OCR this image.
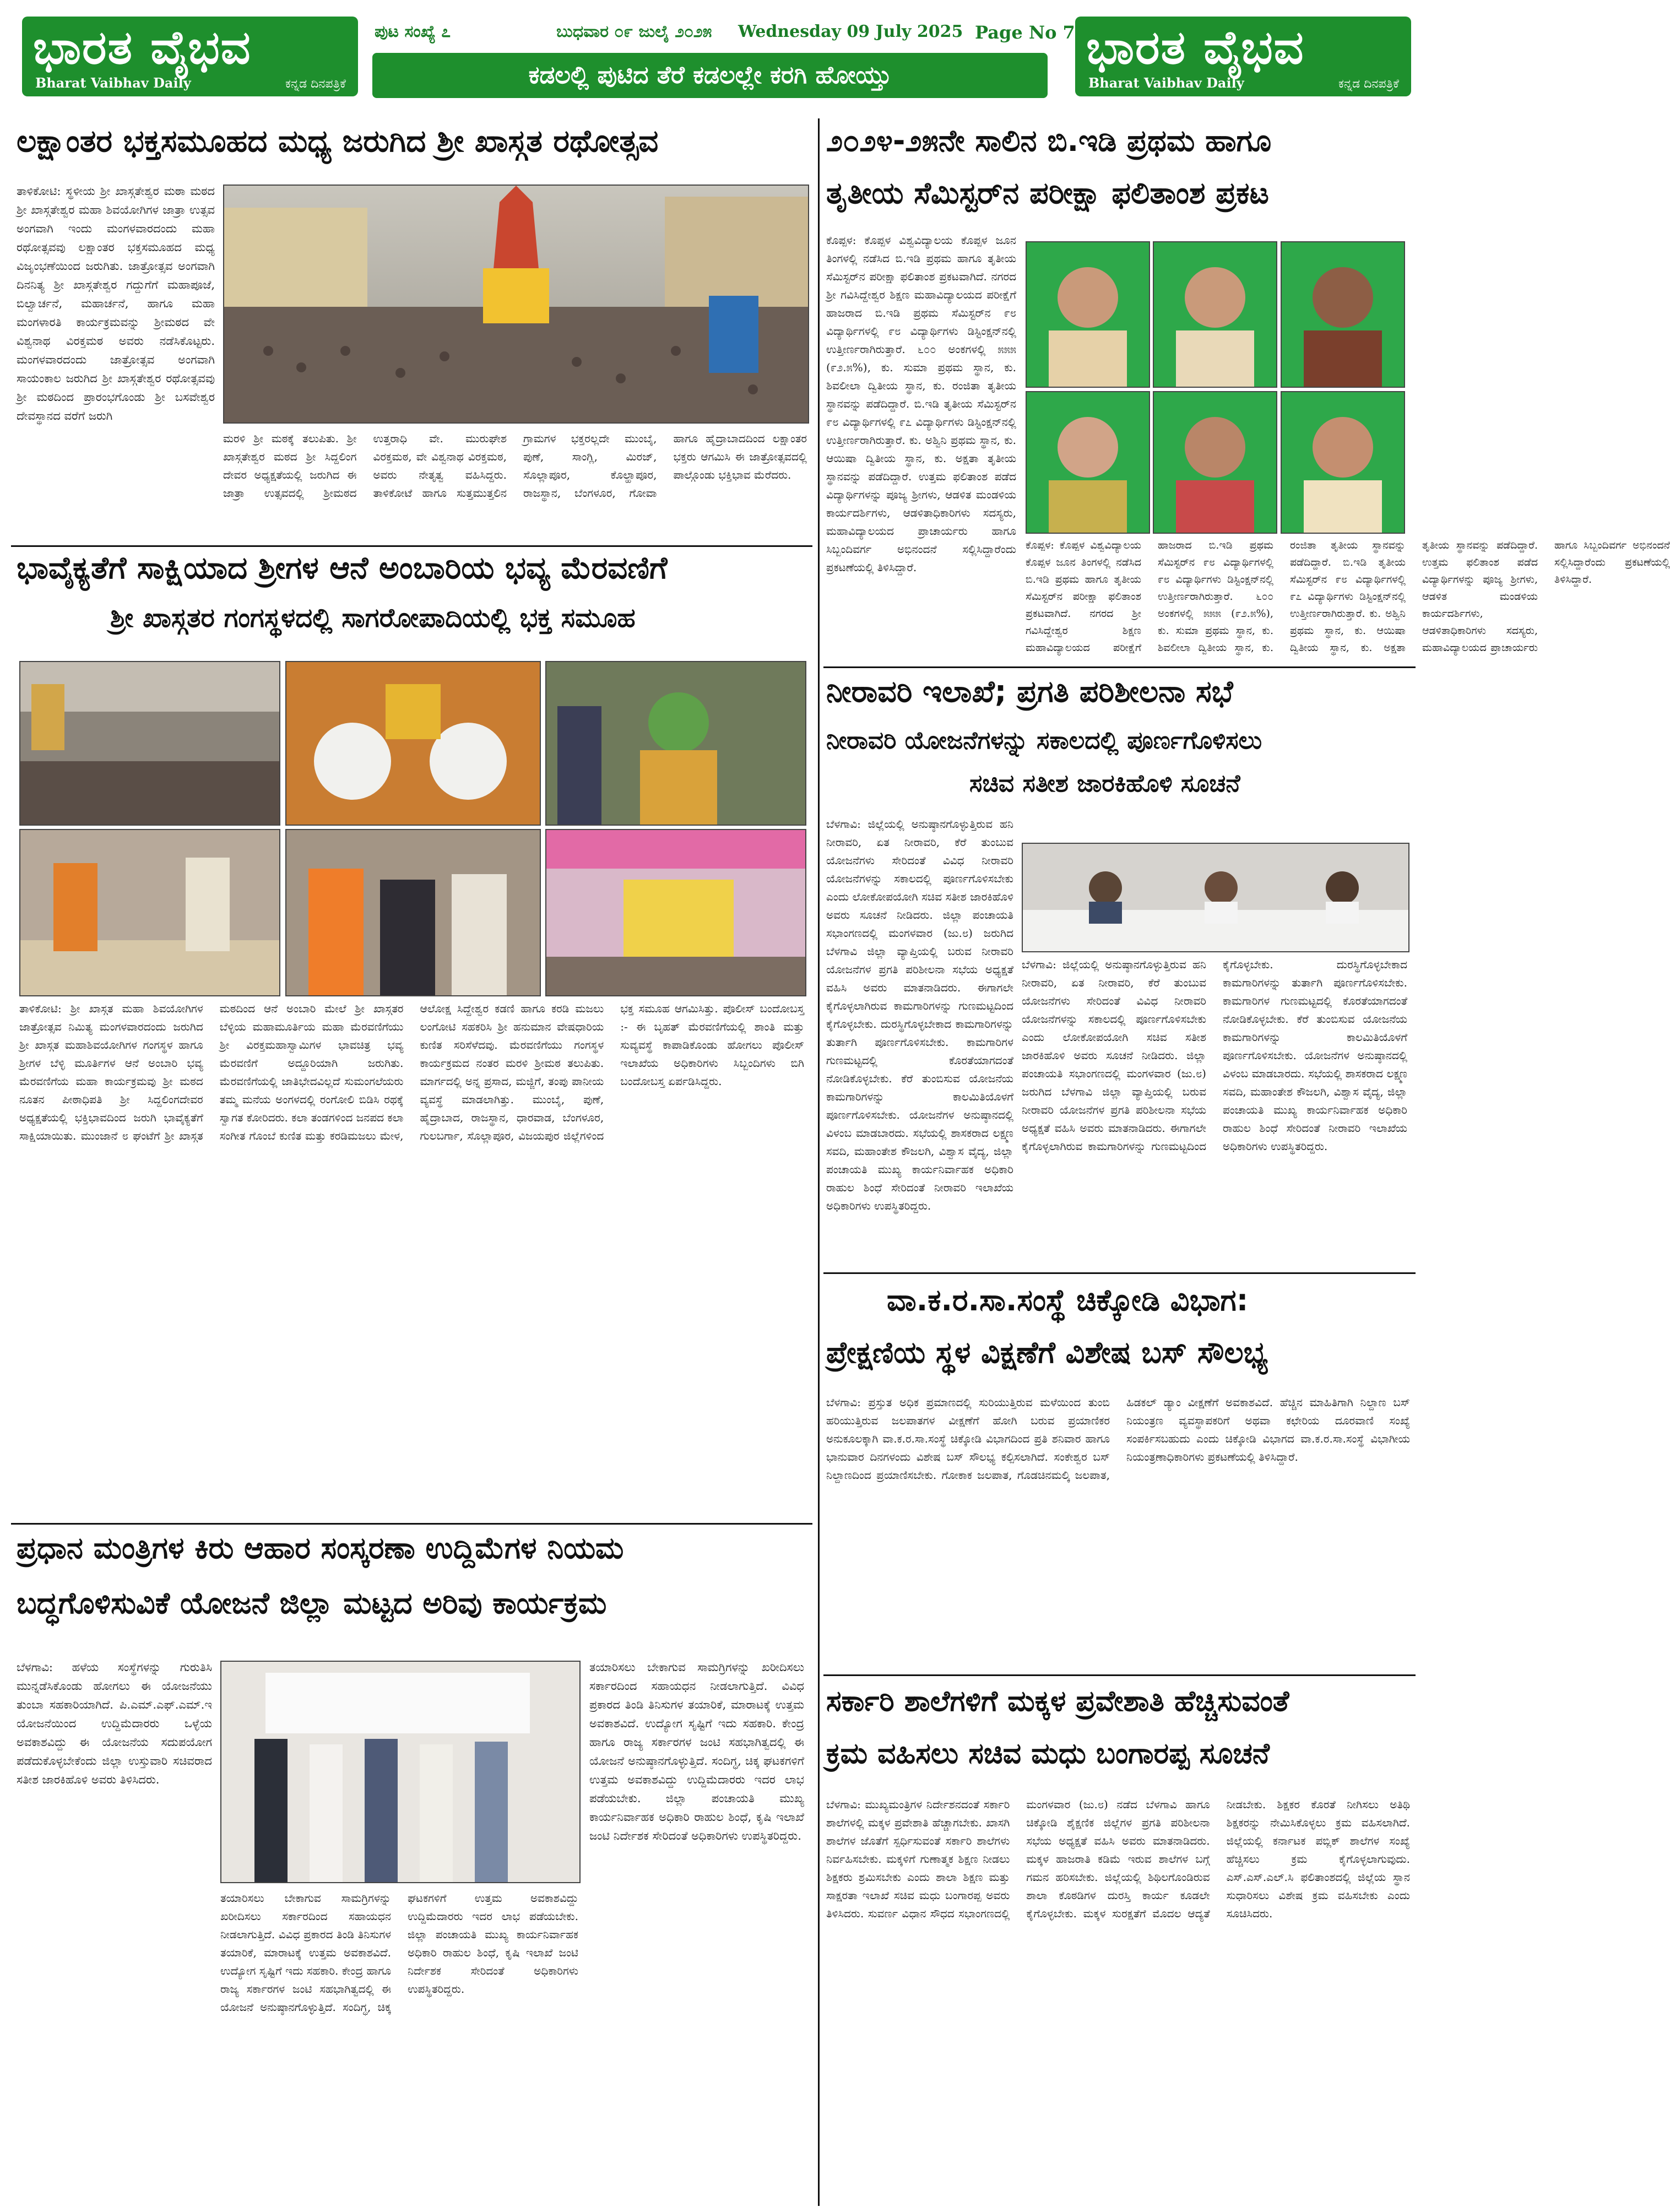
ಭಾರತ ವೈಭವ
Bharat Vaibhav Daily	ಕನ್ನಡ ದಿನಪತ್ರಿಕೆ
ಭಾರತ ವೈಭವ
Bharat Vaibhav Daily	ಕನ್ನಡ ದಿನಪತ್ರಿಕೆ
ಪುಟ ಸಂಖ್ಯೆ ೭	ಬುಧವಾರ ೦೯ ಜುಲೈ ೨೦೨೫ Wednesday 09 July 2025 Page No 7
ಕಡಲಲ್ಲಿ ಪುಟಿದ ತೆರೆ ಕಡಲಲ್ಲೇ ಕರಗಿ ಹೋಯ್ತು
ಲಕ್ಷಾಂತರ ಭಕ್ತಸಮೂಹದ ಮಧ್ಯ ಜರುಗಿದ ಶ್ರೀ ಖಾಸ್ಗತ ರಥೋತ್ಸವ
ತಾಳಿಕೋಟಿ: ಸ್ಥಳೀಯ ಶ್ರೀ ಖಾಸ್ಗತೇಶ್ವರ ಮಠಾ ಮಠದ ಶ್ರೀ ಖಾಸ್ಗತೇಶ್ವರ ಮಹಾ ಶಿವಯೋಗಿಗಳ ಜಾತ್ರಾ ಉತ್ಸವ ಅಂಗವಾಗಿ ಇಂದು ಮಂಗಳವಾರದಂದು ಮಹಾ ರಥೋತ್ಸವವು ಲಕ್ಷಾಂತರ ಭಕ್ತಸಮೂಹದ ಮಧ್ಯ ವಿಜೃಂಭಣೆಯಿಂದ ಜರುಗಿತು. ಜಾತ್ರೋತ್ಸವ ಅಂಗವಾಗಿ ದಿನನಿತ್ಯ ಶ್ರೀ ಖಾಸ್ಗತೇಶ್ವರ ಗದ್ದುಗೆಗೆ ಮಹಾಪೂಜೆ, ಬಿಲ್ವಾರ್ಚನೆ, ಮಹಾರ್ಚನೆ, ಹಾಗೂ ಮಹಾ ಮಂಗಳಾರತಿ ಕಾರ್ಯಕ್ರಮವನ್ನು ಶ್ರೀಮಠದ ವೇ ವಿಶ್ವನಾಥ ವಿರಕ್ತಮಠ ಅವರು ನಡೆಸಿಕೊಟ್ಟರು. ಮಂಗಳವಾರದಂದು ಜಾತ್ರೋತ್ಸವ ಅಂಗವಾಗಿ ಸಾಯಂಕಾಲ ಜರುಗಿದ ಶ್ರೀ ಖಾಸ್ಗತೇಶ್ವರ ರಥೋತ್ಸವವು ಶ್ರೀ ಮಠದಿಂದ ಪ್ರಾರಂಭಗೊಂಡು ಶ್ರೀ ಬಸವೇಶ್ವರ ದೇವಸ್ಥಾನದ ವರೆಗೆ ಜರುಗಿ
ಮರಳಿ ಶ್ರೀ ಮಠಕ್ಕೆ ತಲುಪಿತು. ಶ್ರೀ ಖಾಸ್ಗತೇಶ್ವರ ಮಠದ ಶ್ರೀ ಸಿದ್ದಲಿಂಗ ದೇವರ ಅಧ್ಯಕ್ಷತೆಯಲ್ಲಿ ಜರುಗಿದ ಈ ಜಾತ್ರಾ ಉತ್ಸವದಲ್ಲಿ ಶ್ರೀಮಠದ ಉತ್ತರಾಧಿ ವೇ. ಮುರುಘೇಶ ವಿರಕ್ತಮಠ, ವೇ ವಿಶ್ವನಾಥ ವಿರಕ್ತಮಠ, ಅವರು ನೇತೃತ್ವ ವಹಿಸಿದ್ದರು. ತಾಳಿಕೋಟೆ ಹಾಗೂ ಸುತ್ತಮುತ್ತಲಿನ ಗ್ರಾಮಗಳ ಭಕ್ತರಲ್ಲದೇ ಮುಂಬೈ, ಪುಣೆ, ಸಾಂಗ್ಲಿ, ಮಿರಜ್, ಸೊಲ್ಲಾಪೂರ, ಕೊಲ್ಹಾಪೂರ, ರಾಜಸ್ಥಾನ, ಬೆಂಗಳೂರ, ಗೋವಾ ಹಾಗೂ ಹೈದ್ರಾಬಾದದಿಂದ ಲಕ್ಷಾಂತರ ಭಕ್ತರು ಆಗಮಿಸಿ ಈ ಜಾತ್ರೋತ್ಸವದಲ್ಲಿ ಪಾಲ್ಗೊಂಡು ಭಕ್ತಿಭಾವ ಮೆರೆದರು.
ಭಾವೈಕ್ಯತೆಗೆ ಸಾಕ್ಷಿಯಾದ ಶ್ರೀಗಳ ಆನೆ ಅಂಬಾರಿಯ ಭವ್ಯ ಮೆರವಣಿಗೆ
ಶ್ರೀ ಖಾಸ್ಗತರ ಗಂಗಸ್ಥಳದಲ್ಲಿ ಸಾಗರೋಪಾದಿಯಲ್ಲಿ ಭಕ್ತ ಸಮೂಹ
ತಾಳಿಕೋಟಿ: ಶ್ರೀ ಖಾಸ್ಗತ ಮಹಾ ಶಿವಯೋಗಿಗಳ ಜಾತ್ರೋತ್ಸವ ನಿಮಿತ್ಯ ಮಂಗಳವಾರದಂದು ಜರುಗಿದ ಶ್ರೀ ಖಾಸ್ಗತ ಮಹಾಶಿವಯೋಗಿಗಳ ಗಂಗಸ್ಥಳ ಹಾಗೂ ಶ್ರೀಗಳ ಬೆಳ್ಳಿ ಮೂರ್ತಿಗಳ ಆನೆ ಅಂಬಾರಿ ಭವ್ಯ ಮೆರವಣಿಗೆಯ ಮಹಾ ಕಾರ್ಯಕ್ರಮವು ಶ್ರೀ ಮಠದ ನೂತನ ಪೀಠಾಧಿಪತಿ ಶ್ರೀ ಸಿದ್ದಲಿಂಗದೇವರ ಅಧ್ಯಕ್ಷತೆಯಲ್ಲಿ ಭಕ್ತಿಭಾವದಿಂದ ಜರುಗಿ ಭಾವೈಕ್ಯತೆಗೆ ಸಾಕ್ಷಿಯಾಯಿತು. ಮುಂಜಾನೆ ೮ ಘಂಟೆಗೆ ಶ್ರೀ ಖಾಸ್ಗತ ಮಠದಿಂದ ಆನೆ ಅಂಬಾರಿ ಮೇಲೆ ಶ್ರೀ ಖಾಸ್ಗತರ ಬೆಳ್ಳಿಯ ಮಹಾಮೂರ್ತಿಯ ಮಹಾ ಮೆರವಣಿಗೆಯು ಶ್ರೀ ವಿರಕ್ತಮಹಾಸ್ವಾಮಿಗಳ ಭಾವಚಿತ್ರ ಭವ್ಯ ಮೆರವಣಿಗೆ ಅದ್ದೂರಿಯಾಗಿ ಜರುಗಿತು. ಮೆರವಣಿಗೆಯಲ್ಲಿ ಜಾತಿಭೇದವಿಲ್ಲದೆ ಸುಮಂಗಲೆಯರು ತಮ್ಮ ಮನೆಯ ಅಂಗಳದಲ್ಲಿ ರಂಗೋಲಿ ಬಿಡಿಸಿ ರಥಕ್ಕೆ ಸ್ವಾಗತ ಕೋರಿದರು. ಕಲಾ ತಂಡಗಳಿಂದ ಜನಪದ ಕಲಾ ಸಂಗೀತ ಗೊಂಬೆ ಕುಣಿತ ಮತ್ತು ಕರಡಿಮಜಲು ಮೇಳ, ಆಲೋಕ್ಷ ಸಿದ್ದೇಶ್ವರ ಕಡಣಿ ಹಾಗೂ ಕರಡಿ ಮಜಲು ಲಂಗೋಟಿ ಸಹಕರಿಸಿ ಶ್ರೀ ಹನುಮಾನ ವೇಷಧಾರಿಯ ಕುಣಿತ ಸರಿಸೆಳೆದವು. ಮೆರವಣಿಗೆಯು ಗಂಗಸ್ಥಳ ಕಾರ್ಯಕ್ರಮದ ನಂತರ ಮರಳಿ ಶ್ರೀಮಠ ತಲುಪಿತು. ಮಾರ್ಗದಲ್ಲಿ ಅನ್ನ ಪ್ರಸಾದ, ಮಜ್ಜಿಗೆ, ತಂಪು ಪಾನೀಯ ವ್ಯವಸ್ಥೆ ಮಾಡಲಾಗಿತ್ತು. ಮುಂಬೈ, ಪುಣೆ, ಹೈದ್ರಾಬಾದ, ರಾಜಸ್ಥಾನ, ಧಾರವಾಡ, ಬೆಂಗಳೂರ, ಗುಲಬರ್ಗಾ, ಸೊಲ್ಲಾಪೂರ, ವಿಜಯಪುರ ಜಿಲ್ಲೆಗಳಿಂದ ಭಕ್ತ ಸಮೂಹ ಆಗಮಿಸಿತ್ತು. ಪೊಲೀಸ್ ಬಂದೋಬಸ್ತ :- ಈ ಬೃಹತ್ ಮೆರವಣಿಗೆಯಲ್ಲಿ ಶಾಂತಿ ಮತ್ತು ಸುವ್ಯವಸ್ಥೆ ಕಾಪಾಡಿಕೊಂಡು ಹೋಗಲು ಪೊಲೀಸ್ ಇಲಾಖೆಯ ಅಧಿಕಾರಿಗಳು ಸಿಬ್ಬಂದಿಗಳು ಬಿಗಿ ಬಂದೋಬಸ್ತ ಏರ್ಪಡಿಸಿದ್ದರು.
ಪ್ರಧಾನ ಮಂತ್ರಿಗಳ ಕಿರು ಆಹಾರ ಸಂಸ್ಕರಣಾ ಉದ್ದಿಮೆಗಳ ನಿಯಮ
ಬದ್ಧಗೊಳಿಸುವಿಕೆ ಯೋಜನೆ ಜಿಲ್ಲಾ ಮಟ್ಟದ ಅರಿವು ಕಾರ್ಯಕ್ರಮ
ಬೆಳಗಾವಿ: ಹಳೆಯ ಸಂಸ್ಥೆಗಳನ್ನು ಗುರುತಿಸಿ ಮುನ್ನಡೆಸಿಕೊಂಡು ಹೋಗಲು ಈ ಯೋಜನೆಯು ತುಂಬಾ ಸಹಕಾರಿಯಾಗಿದೆ. ಪಿ.ಎಮ್.ಎಫ್.ಎಮ್.ಇ ಯೋಜನೆಯಿಂದ ಉದ್ದಿಮೆದಾರರು ಒಳ್ಳೆಯ ಅವಕಾಶವಿದ್ದು ಈ ಯೋಜನೆಯ ಸದುಪಯೋಗ ಪಡೆದುಕೊಳ್ಳಬೇಕೆಂದು ಜಿಲ್ಲಾ ಉಸ್ತುವಾರಿ ಸಚಿವರಾದ ಸತೀಶ ಜಾರಕಿಹೊಳಿ ಅವರು ತಿಳಿಸಿದರು.
ತಯಾರಿಸಲು ಬೇಕಾಗುವ ಸಾಮಗ್ರಿಗಳನ್ನು ಖರೀದಿಸಲು ಸರ್ಕಾರದಿಂದ ಸಹಾಯಧನ ನೀಡಲಾಗುತ್ತಿದೆ. ವಿವಿಧ ಪ್ರಕಾರದ ತಿಂಡಿ ತಿನಿಸುಗಳ ತಯಾರಿಕೆ, ಮಾರಾಟಕ್ಕೆ ಉತ್ತಮ ಅವಕಾಶವಿದೆ. ಉದ್ಯೋಗ ಸೃಷ್ಟಿಗೆ ಇದು ಸಹಕಾರಿ. ಕೇಂದ್ರ ಹಾಗೂ ರಾಜ್ಯ ಸರ್ಕಾರಗಳ ಜಂಟಿ ಸಹಭಾಗಿತ್ವದಲ್ಲಿ ಈ ಯೋಜನೆ ಅನುಷ್ಠಾನಗೊಳ್ಳುತ್ತಿದೆ. ಸಂದಿಗ್ಧ, ಚಿಕ್ಕ ಘಟಕಗಳಿಗೆ ಉತ್ತಮ ಅವಕಾಶವಿದ್ದು ಉದ್ದಿಮೆದಾರರು ಇದರ ಲಾಭ ಪಡೆಯಬೇಕು. ಜಿಲ್ಲಾ ಪಂಚಾಯತಿ ಮುಖ್ಯ ಕಾರ್ಯನಿರ್ವಾಹಕ ಅಧಿಕಾರಿ ರಾಹುಲ ಶಿಂಧೆ, ಕೃಷಿ ಇಲಾಖೆ ಜಂಟಿ ನಿರ್ದೇಶಕ ಸೇರಿದಂತೆ ಅಧಿಕಾರಿಗಳು ಉಪಸ್ಥಿತರಿದ್ದರು.
ತಯಾರಿಸಲು ಬೇಕಾಗುವ ಸಾಮಗ್ರಿಗಳನ್ನು ಖರೀದಿಸಲು ಸರ್ಕಾರದಿಂದ ಸಹಾಯಧನ ನೀಡಲಾಗುತ್ತಿದೆ. ವಿವಿಧ ಪ್ರಕಾರದ ತಿಂಡಿ ತಿನಿಸುಗಳ ತಯಾರಿಕೆ, ಮಾರಾಟಕ್ಕೆ ಉತ್ತಮ ಅವಕಾಶವಿದೆ. ಉದ್ಯೋಗ ಸೃಷ್ಟಿಗೆ ಇದು ಸಹಕಾರಿ. ಕೇಂದ್ರ ಹಾಗೂ ರಾಜ್ಯ ಸರ್ಕಾರಗಳ ಜಂಟಿ ಸಹಭಾಗಿತ್ವದಲ್ಲಿ ಈ ಯೋಜನೆ ಅನುಷ್ಠಾನಗೊಳ್ಳುತ್ತಿದೆ. ಸಂದಿಗ್ಧ, ಚಿಕ್ಕ ಘಟಕಗಳಿಗೆ ಉತ್ತಮ ಅವಕಾಶವಿದ್ದು ಉದ್ದಿಮೆದಾರರು ಇದರ ಲಾಭ ಪಡೆಯಬೇಕು. ಜಿಲ್ಲಾ ಪಂಚಾಯತಿ ಮುಖ್ಯ ಕಾರ್ಯನಿರ್ವಾಹಕ ಅಧಿಕಾರಿ ರಾಹುಲ ಶಿಂಧೆ, ಕೃಷಿ ಇಲಾಖೆ ಜಂಟಿ ನಿರ್ದೇಶಕ ಸೇರಿದಂತೆ ಅಧಿಕಾರಿಗಳು ಉಪಸ್ಥಿತರಿದ್ದರು.
೨೦೨೪-೨೫ನೇ ಸಾಲಿನ ಬಿ.ಇಡಿ ಪ್ರಥಮ ಹಾಗೂ
ತೃತೀಯ ಸೆಮಿಸ್ಟರ್‌ನ ಪರೀಕ್ಷಾ ಫಲಿತಾಂಶ ಪ್ರಕಟ
ಕೊಪ್ಪಳ: ಕೊಪ್ಪಳ ವಿಶ್ವವಿದ್ಯಾಲಯ ಕೊಪ್ಪಳ ಜೂನ ತಿಂಗಳಲ್ಲಿ ನಡೆಸಿದ ಬಿ.ಇಡಿ ಪ್ರಥಮ ಹಾಗೂ ತೃತೀಯ ಸೆಮಿಸ್ಟರ್‌ನ ಪರೀಕ್ಷಾ ಫಲಿತಾಂಶ ಪ್ರಕಟವಾಗಿದೆ. ನಗರದ ಶ್ರೀ ಗವಿಸಿದ್ದೇಶ್ವರ ಶಿಕ್ಷಣ ಮಹಾವಿದ್ಯಾಲಯದ ಪರೀಕ್ಷೆಗೆ ಹಾಜರಾದ ಬಿ.ಇಡಿ ಪ್ರಥಮ ಸೆಮಿಸ್ಟರ್‌ನ ೯೮ ವಿದ್ಯಾರ್ಥಿಗಳಲ್ಲಿ ೯೮ ವಿದ್ಯಾರ್ಥಿಗಳು ಡಿಸ್ಟಿಂಕ್ಷನ್‌ನಲ್ಲಿ ಉತ್ತೀರ್ಣರಾಗಿರುತ್ತಾರೆ. ೬೦೦ ಅಂಕಗಳಲ್ಲಿ ೫೫೫ (೯೨.೫%), ಕು. ಸುಮಾ ಪ್ರಥಮ ಸ್ಥಾನ, ಕು. ಶಿವಲೀಲಾ ದ್ವಿತೀಯ ಸ್ಥಾನ, ಕು. ರಂಜಿತಾ ತೃತೀಯ ಸ್ಥಾನವನ್ನು ಪಡೆದಿದ್ದಾರೆ. ಬಿ.ಇಡಿ ತೃತೀಯ ಸೆಮಿಸ್ಟರ್‌ನ ೯೮ ವಿದ್ಯಾರ್ಥಿಗಳಲ್ಲಿ ೯೭ ವಿದ್ಯಾರ್ಥಿಗಳು ಡಿಸ್ಟಿಂಕ್ಷನ್‌ನಲ್ಲಿ ಉತ್ತೀರ್ಣರಾಗಿರುತ್ತಾರೆ. ಕು. ಅಶ್ವಿನಿ ಪ್ರಥಮ ಸ್ಥಾನ, ಕು. ಆಯಿಷಾ ದ್ವಿತೀಯ ಸ್ಥಾನ, ಕು. ಅಕ್ಷತಾ ತೃತೀಯ ಸ್ಥಾನವನ್ನು ಪಡೆದಿದ್ದಾರೆ. ಉತ್ತಮ ಫಲಿತಾಂಶ ಪಡೆದ ವಿದ್ಯಾರ್ಥಿಗಳನ್ನು ಪೂಜ್ಯ ಶ್ರೀಗಳು, ಆಡಳಿತ ಮಂಡಳಿಯ ಕಾರ್ಯದರ್ಶಿಗಳು, ಆಡಳಿತಾಧಿಕಾರಿಗಳು ಸದಸ್ಯರು, ಮಹಾವಿದ್ಯಾಲಯದ ಪ್ರಾಚಾರ್ಯರು ಹಾಗೂ ಸಿಬ್ಬಂದಿವರ್ಗ ಅಭಿನಂದನೆ ಸಲ್ಲಿಸಿದ್ದಾರೆಂದು ಪ್ರಕಟಣೆಯಲ್ಲಿ ತಿಳಿಸಿದ್ದಾರೆ.
ಕೊಪ್ಪಳ: ಕೊಪ್ಪಳ ವಿಶ್ವವಿದ್ಯಾಲಯ ಕೊಪ್ಪಳ ಜೂನ ತಿಂಗಳಲ್ಲಿ ನಡೆಸಿದ ಬಿ.ಇಡಿ ಪ್ರಥಮ ಹಾಗೂ ತೃತೀಯ ಸೆಮಿಸ್ಟರ್‌ನ ಪರೀಕ್ಷಾ ಫಲಿತಾಂಶ ಪ್ರಕಟವಾಗಿದೆ. ನಗರದ ಶ್ರೀ ಗವಿಸಿದ್ದೇಶ್ವರ ಶಿಕ್ಷಣ ಮಹಾವಿದ್ಯಾಲಯದ ಪರೀಕ್ಷೆಗೆ ಹಾಜರಾದ ಬಿ.ಇಡಿ ಪ್ರಥಮ ಸೆಮಿಸ್ಟರ್‌ನ ೯೮ ವಿದ್ಯಾರ್ಥಿಗಳಲ್ಲಿ ೯೮ ವಿದ್ಯಾರ್ಥಿಗಳು ಡಿಸ್ಟಿಂಕ್ಷನ್‌ನಲ್ಲಿ ಉತ್ತೀರ್ಣರಾಗಿರುತ್ತಾರೆ. ೬೦೦ ಅಂಕಗಳಲ್ಲಿ ೫೫೫ (೯೨.೫%), ಕು. ಸುಮಾ ಪ್ರಥಮ ಸ್ಥಾನ, ಕು. ಶಿವಲೀಲಾ ದ್ವಿತೀಯ ಸ್ಥಾನ, ಕು. ರಂಜಿತಾ ತೃತೀಯ ಸ್ಥಾನವನ್ನು ಪಡೆದಿದ್ದಾರೆ. ಬಿ.ಇಡಿ ತೃತೀಯ ಸೆಮಿಸ್ಟರ್‌ನ ೯೮ ವಿದ್ಯಾರ್ಥಿಗಳಲ್ಲಿ ೯೭ ವಿದ್ಯಾರ್ಥಿಗಳು ಡಿಸ್ಟಿಂಕ್ಷನ್‌ನಲ್ಲಿ ಉತ್ತೀರ್ಣರಾಗಿರುತ್ತಾರೆ. ಕು. ಅಶ್ವಿನಿ ಪ್ರಥಮ ಸ್ಥಾನ, ಕು. ಆಯಿಷಾ ದ್ವಿತೀಯ ಸ್ಥಾನ, ಕು. ಅಕ್ಷತಾ ತೃತೀಯ ಸ್ಥಾನವನ್ನು ಪಡೆದಿದ್ದಾರೆ. ಉತ್ತಮ ಫಲಿತಾಂಶ ಪಡೆದ ವಿದ್ಯಾರ್ಥಿಗಳನ್ನು ಪೂಜ್ಯ ಶ್ರೀಗಳು, ಆಡಳಿತ ಮಂಡಳಿಯ ಕಾರ್ಯದರ್ಶಿಗಳು, ಆಡಳಿತಾಧಿಕಾರಿಗಳು ಸದಸ್ಯರು, ಮಹಾವಿದ್ಯಾಲಯದ ಪ್ರಾಚಾರ್ಯರು ಹಾಗೂ ಸಿಬ್ಬಂದಿವರ್ಗ ಅಭಿನಂದನೆ ಸಲ್ಲಿಸಿದ್ದಾರೆಂದು ಪ್ರಕಟಣೆಯಲ್ಲಿ ತಿಳಿಸಿದ್ದಾರೆ.
ನೀರಾವರಿ ಇಲಾಖೆ; ಪ್ರಗತಿ ಪರಿಶೀಲನಾ ಸಭೆ
ನೀರಾವರಿ ಯೋಜನೆಗಳನ್ನು ಸಕಾಲದಲ್ಲಿ ಪೂರ್ಣಗೊಳಿಸಲು
ಸಚಿವ ಸತೀಶ ಜಾರಕಿಹೊಳಿ ಸೂಚನೆ
ಬೆಳಗಾವಿ: ಜಿಲ್ಲೆಯಲ್ಲಿ ಅನುಷ್ಠಾನಗೊಳ್ಳುತ್ತಿರುವ ಹನಿ ನೀರಾವರಿ, ಏತ ನೀರಾವರಿ, ಕೆರೆ ತುಂಬುವ ಯೋಜನೆಗಳು ಸೇರಿದಂತೆ ವಿವಿಧ ನೀರಾವರಿ ಯೋಜನೆಗಳನ್ನು ಸಕಾಲದಲ್ಲಿ ಪೂರ್ಣಗೊಳಿಸಬೇಕು ಎಂದು ಲೋಕೋಪಯೋಗಿ ಸಚಿವ ಸತೀಶ ಜಾರಕಿಹೊಳಿ ಅವರು ಸೂಚನೆ ನೀಡಿದರು. ಜಿಲ್ಲಾ ಪಂಚಾಯತಿ ಸಭಾಂಗಣದಲ್ಲಿ ಮಂಗಳವಾರ (ಜು.೮) ಜರುಗಿದ ಬೆಳಗಾವಿ ಜಿಲ್ಲಾ ವ್ಯಾಪ್ತಿಯಲ್ಲಿ ಬರುವ ನೀರಾವರಿ ಯೋಜನೆಗಳ ಪ್ರಗತಿ ಪರಿಶೀಲನಾ ಸಭೆಯ ಅಧ್ಯಕ್ಷತೆ ವಹಿಸಿ ಅವರು ಮಾತನಾಡಿದರು. ಈಗಾಗಲೇ ಕೈಗೊಳ್ಳಲಾಗಿರುವ ಕಾಮಗಾರಿಗಳನ್ನು ಗುಣಮಟ್ಟದಿಂದ ಕೈಗೊಳ್ಳಬೇಕು. ದುರಸ್ಥಿಗೊಳ್ಳಬೇಕಾದ ಕಾಮಗಾರಿಗಳನ್ನು ತುರ್ತಾಗಿ ಪೂರ್ಣಗೊಳಿಸಬೇಕು. ಕಾಮಗಾರಿಗಳ ಗುಣಮಟ್ಟದಲ್ಲಿ ಕೊರತೆಯಾಗದಂತೆ ನೋಡಿಕೊಳ್ಳಬೇಕು. ಕೆರೆ ತುಂಬಿಸುವ ಯೋಜನೆಯ ಕಾಮಗಾರಿಗಳನ್ನು ಕಾಲಮಿತಿಯೊಳಗೆ ಪೂರ್ಣಗೊಳಿಸಬೇಕು. ಯೋಜನೆಗಳ ಅನುಷ್ಠಾನದಲ್ಲಿ ವಿಳಂಬ ಮಾಡಬಾರದು. ಸಭೆಯಲ್ಲಿ ಶಾಸಕರಾದ ಲಕ್ಷ್ಮಣ ಸವದಿ, ಮಹಾಂತೇಶ ಕೌಜಲಗಿ, ವಿಶ್ವಾಸ ವೈದ್ಯ, ಜಿಲ್ಲಾ ಪಂಚಾಯತಿ ಮುಖ್ಯ ಕಾರ್ಯನಿರ್ವಾಹಕ ಅಧಿಕಾರಿ ರಾಹುಲ ಶಿಂಧೆ ಸೇರಿದಂತೆ ನೀರಾವರಿ ಇಲಾಖೆಯ ಅಧಿಕಾರಿಗಳು ಉಪಸ್ಥಿತರಿದ್ದರು.
ಬೆಳಗಾವಿ: ಜಿಲ್ಲೆಯಲ್ಲಿ ಅನುಷ್ಠಾನಗೊಳ್ಳುತ್ತಿರುವ ಹನಿ ನೀರಾವರಿ, ಏತ ನೀರಾವರಿ, ಕೆರೆ ತುಂಬುವ ಯೋಜನೆಗಳು ಸೇರಿದಂತೆ ವಿವಿಧ ನೀರಾವರಿ ಯೋಜನೆಗಳನ್ನು ಸಕಾಲದಲ್ಲಿ ಪೂರ್ಣಗೊಳಿಸಬೇಕು ಎಂದು ಲೋಕೋಪಯೋಗಿ ಸಚಿವ ಸತೀಶ ಜಾರಕಿಹೊಳಿ ಅವರು ಸೂಚನೆ ನೀಡಿದರು. ಜಿಲ್ಲಾ ಪಂಚಾಯತಿ ಸಭಾಂಗಣದಲ್ಲಿ ಮಂಗಳವಾರ (ಜು.೮) ಜರುಗಿದ ಬೆಳಗಾವಿ ಜಿಲ್ಲಾ ವ್ಯಾಪ್ತಿಯಲ್ಲಿ ಬರುವ ನೀರಾವರಿ ಯೋಜನೆಗಳ ಪ್ರಗತಿ ಪರಿಶೀಲನಾ ಸಭೆಯ ಅಧ್ಯಕ್ಷತೆ ವಹಿಸಿ ಅವರು ಮಾತನಾಡಿದರು. ಈಗಾಗಲೇ ಕೈಗೊಳ್ಳಲಾಗಿರುವ ಕಾಮಗಾರಿಗಳನ್ನು ಗುಣಮಟ್ಟದಿಂದ ಕೈಗೊಳ್ಳಬೇಕು. ದುರಸ್ಥಿಗೊಳ್ಳಬೇಕಾದ ಕಾಮಗಾರಿಗಳನ್ನು ತುರ್ತಾಗಿ ಪೂರ್ಣಗೊಳಿಸಬೇಕು. ಕಾಮಗಾರಿಗಳ ಗುಣಮಟ್ಟದಲ್ಲಿ ಕೊರತೆಯಾಗದಂತೆ ನೋಡಿಕೊಳ್ಳಬೇಕು. ಕೆರೆ ತುಂಬಿಸುವ ಯೋಜನೆಯ ಕಾಮಗಾರಿಗಳನ್ನು ಕಾಲಮಿತಿಯೊಳಗೆ ಪೂರ್ಣಗೊಳಿಸಬೇಕು. ಯೋಜನೆಗಳ ಅನುಷ್ಠಾನದಲ್ಲಿ ವಿಳಂಬ ಮಾಡಬಾರದು. ಸಭೆಯಲ್ಲಿ ಶಾಸಕರಾದ ಲಕ್ಷ್ಮಣ ಸವದಿ, ಮಹಾಂತೇಶ ಕೌಜಲಗಿ, ವಿಶ್ವಾಸ ವೈದ್ಯ, ಜಿಲ್ಲಾ ಪಂಚಾಯತಿ ಮುಖ್ಯ ಕಾರ್ಯನಿರ್ವಾಹಕ ಅಧಿಕಾರಿ ರಾಹುಲ ಶಿಂಧೆ ಸೇರಿದಂತೆ ನೀರಾವರಿ ಇಲಾಖೆಯ ಅಧಿಕಾರಿಗಳು ಉಪಸ್ಥಿತರಿದ್ದರು.
ವಾ.ಕ.ರ.ಸಾ.ಸಂಸ್ಥೆ ಚಿಕ್ಕೋಡಿ ವಿಭಾಗ:
ಪ್ರೇಕ್ಷಣಿಯ ಸ್ಥಳ ವಿಕ್ಷಣೆಗೆ ವಿಶೇಷ ಬಸ್ ಸೌಲಭ್ಯ
ಬೆಳಗಾವಿ: ಪ್ರಸ್ತುತ ಅಧಿಕ ಪ್ರಮಾಣದಲ್ಲಿ ಸುರಿಯುತ್ತಿರುವ ಮಳೆಯಿಂದ ತುಂಬಿ ಹರಿಯುತ್ತಿರುವ ಜಲಪಾತಗಳ ವೀಕ್ಷಣೆಗೆ ಹೋಗಿ ಬರುವ ಪ್ರಯಾಣಿಕರ ಅನುಕೂಲಕ್ಕಾಗಿ ವಾ.ಕ.ರ.ಸಾ.ಸಂಸ್ಥೆ ಚಿಕ್ಕೋಡಿ ವಿಭಾಗದಿಂದ ಪ್ರತಿ ಶನಿವಾರ ಹಾಗೂ ಭಾನುವಾರ ದಿನಗಳಂದು ವಿಶೇಷ ಬಸ್ ಸೌಲಭ್ಯ ಕಲ್ಪಿಸಲಾಗಿದೆ. ಸಂಕೇಶ್ವರ ಬಸ್ ನಿಲ್ದಾಣದಿಂದ ಪ್ರಯಾಣಿಸಬೇಕು. ಗೋಕಾಕ ಜಲಪಾತ, ಗೊಡಚಿನಮಲ್ಕಿ ಜಲಪಾತ, ಹಿಡಕಲ್ ಡ್ಯಾಂ ವೀಕ್ಷಣೆಗೆ ಅವಕಾಶವಿದೆ. ಹೆಚ್ಚಿನ ಮಾಹಿತಿಗಾಗಿ ನಿಲ್ದಾಣ ಬಸ್ ನಿಯಂತ್ರಣ ವ್ಯವಸ್ಥಾಪಕರಿಗೆ ಅಥವಾ ಕಛೇರಿಯ ದೂರವಾಣಿ ಸಂಖ್ಯೆ ಸಂಪರ್ಕಿಸಬಹುದು ಎಂದು ಚಿಕ್ಕೋಡಿ ವಿಭಾಗದ ವಾ.ಕ.ರ.ಸಾ.ಸಂಸ್ಥೆ ವಿಭಾಗೀಯ ನಿಯಂತ್ರಣಾಧಿಕಾರಿಗಳು ಪ್ರಕಟಣೆಯಲ್ಲಿ ತಿಳಿಸಿದ್ದಾರೆ.
ಸರ್ಕಾರಿ ಶಾಲೆಗಳಿಗೆ ಮಕ್ಕಳ ಪ್ರವೇಶಾತಿ ಹೆಚ್ಚಿಸುವಂತೆ
ಕ್ರಮ ವಹಿಸಲು ಸಚಿವ ಮಧು ಬಂಗಾರಪ್ಪ ಸೂಚನೆ
ಬೆಳಗಾವಿ: ಮುಖ್ಯಮಂತ್ರಿಗಳ ನಿರ್ದೇಶನದಂತೆ ಸರ್ಕಾರಿ ಶಾಲೆಗಳಲ್ಲಿ ಮಕ್ಕಳ ಪ್ರವೇಶಾತಿ ಹೆಚ್ಚಾಗಬೇಕು. ಖಾಸಗಿ ಶಾಲೆಗಳ ಜೊತೆಗೆ ಸ್ಪರ್ಧಿಸುವಂತೆ ಸರ್ಕಾರಿ ಶಾಲೆಗಳು ನಿರ್ವಹಿಸಬೇಕು. ಮಕ್ಕಳಿಗೆ ಗುಣಾತ್ಮಕ ಶಿಕ್ಷಣ ನೀಡಲು ಶಿಕ್ಷಕರು ಶ್ರಮಿಸಬೇಕು ಎಂದು ಶಾಲಾ ಶಿಕ್ಷಣ ಮತ್ತು ಸಾಕ್ಷರತಾ ಇಲಾಖೆ ಸಚಿವ ಮಧು ಬಂಗಾರಪ್ಪ ಅವರು ತಿಳಿಸಿದರು. ಸುವರ್ಣ ವಿಧಾನ ಸೌಧದ ಸಭಾಂಗಣದಲ್ಲಿ ಮಂಗಳವಾರ (ಜು.೮) ನಡೆದ ಬೆಳಗಾವಿ ಹಾಗೂ ಚಿಕ್ಕೋಡಿ ಶೈಕ್ಷಣಿಕ ಜಿಲ್ಲೆಗಳ ಪ್ರಗತಿ ಪರಿಶೀಲನಾ ಸಭೆಯ ಅಧ್ಯಕ್ಷತೆ ವಹಿಸಿ ಅವರು ಮಾತನಾಡಿದರು. ಮಕ್ಕಳ ಹಾಜರಾತಿ ಕಡಿಮೆ ಇರುವ ಶಾಲೆಗಳ ಬಗ್ಗೆ ಗಮನ ಹರಿಸಬೇಕು. ಜಿಲ್ಲೆಯಲ್ಲಿ ಶಿಥಿಲಗೊಂಡಿರುವ ಶಾಲಾ ಕೊಠಡಿಗಳ ದುರಸ್ತಿ ಕಾರ್ಯ ಕೂಡಲೇ ಕೈಗೊಳ್ಳಬೇಕು. ಮಕ್ಕಳ ಸುರಕ್ಷತೆಗೆ ಮೊದಲ ಆದ್ಯತೆ ನೀಡಬೇಕು. ಶಿಕ್ಷಕರ ಕೊರತೆ ನೀಗಿಸಲು ಅತಿಥಿ ಶಿಕ್ಷಕರನ್ನು ನೇಮಿಸಿಕೊಳ್ಳಲು ಕ್ರಮ ವಹಿಸಲಾಗಿದೆ. ಜಿಲ್ಲೆಯಲ್ಲಿ ಕರ್ನಾಟಕ ಪಬ್ಲಿಕ್ ಶಾಲೆಗಳ ಸಂಖ್ಯೆ ಹೆಚ್ಚಿಸಲು ಕ್ರಮ ಕೈಗೊಳ್ಳಲಾಗುವುದು. ಎಸ್.ಎಸ್.ಎಲ್.ಸಿ ಫಲಿತಾಂಶದಲ್ಲಿ ಜಿಲ್ಲೆಯ ಸ್ಥಾನ ಸುಧಾರಿಸಲು ವಿಶೇಷ ಕ್ರಮ ವಹಿಸಬೇಕು ಎಂದು ಸೂಚಿಸಿದರು.
